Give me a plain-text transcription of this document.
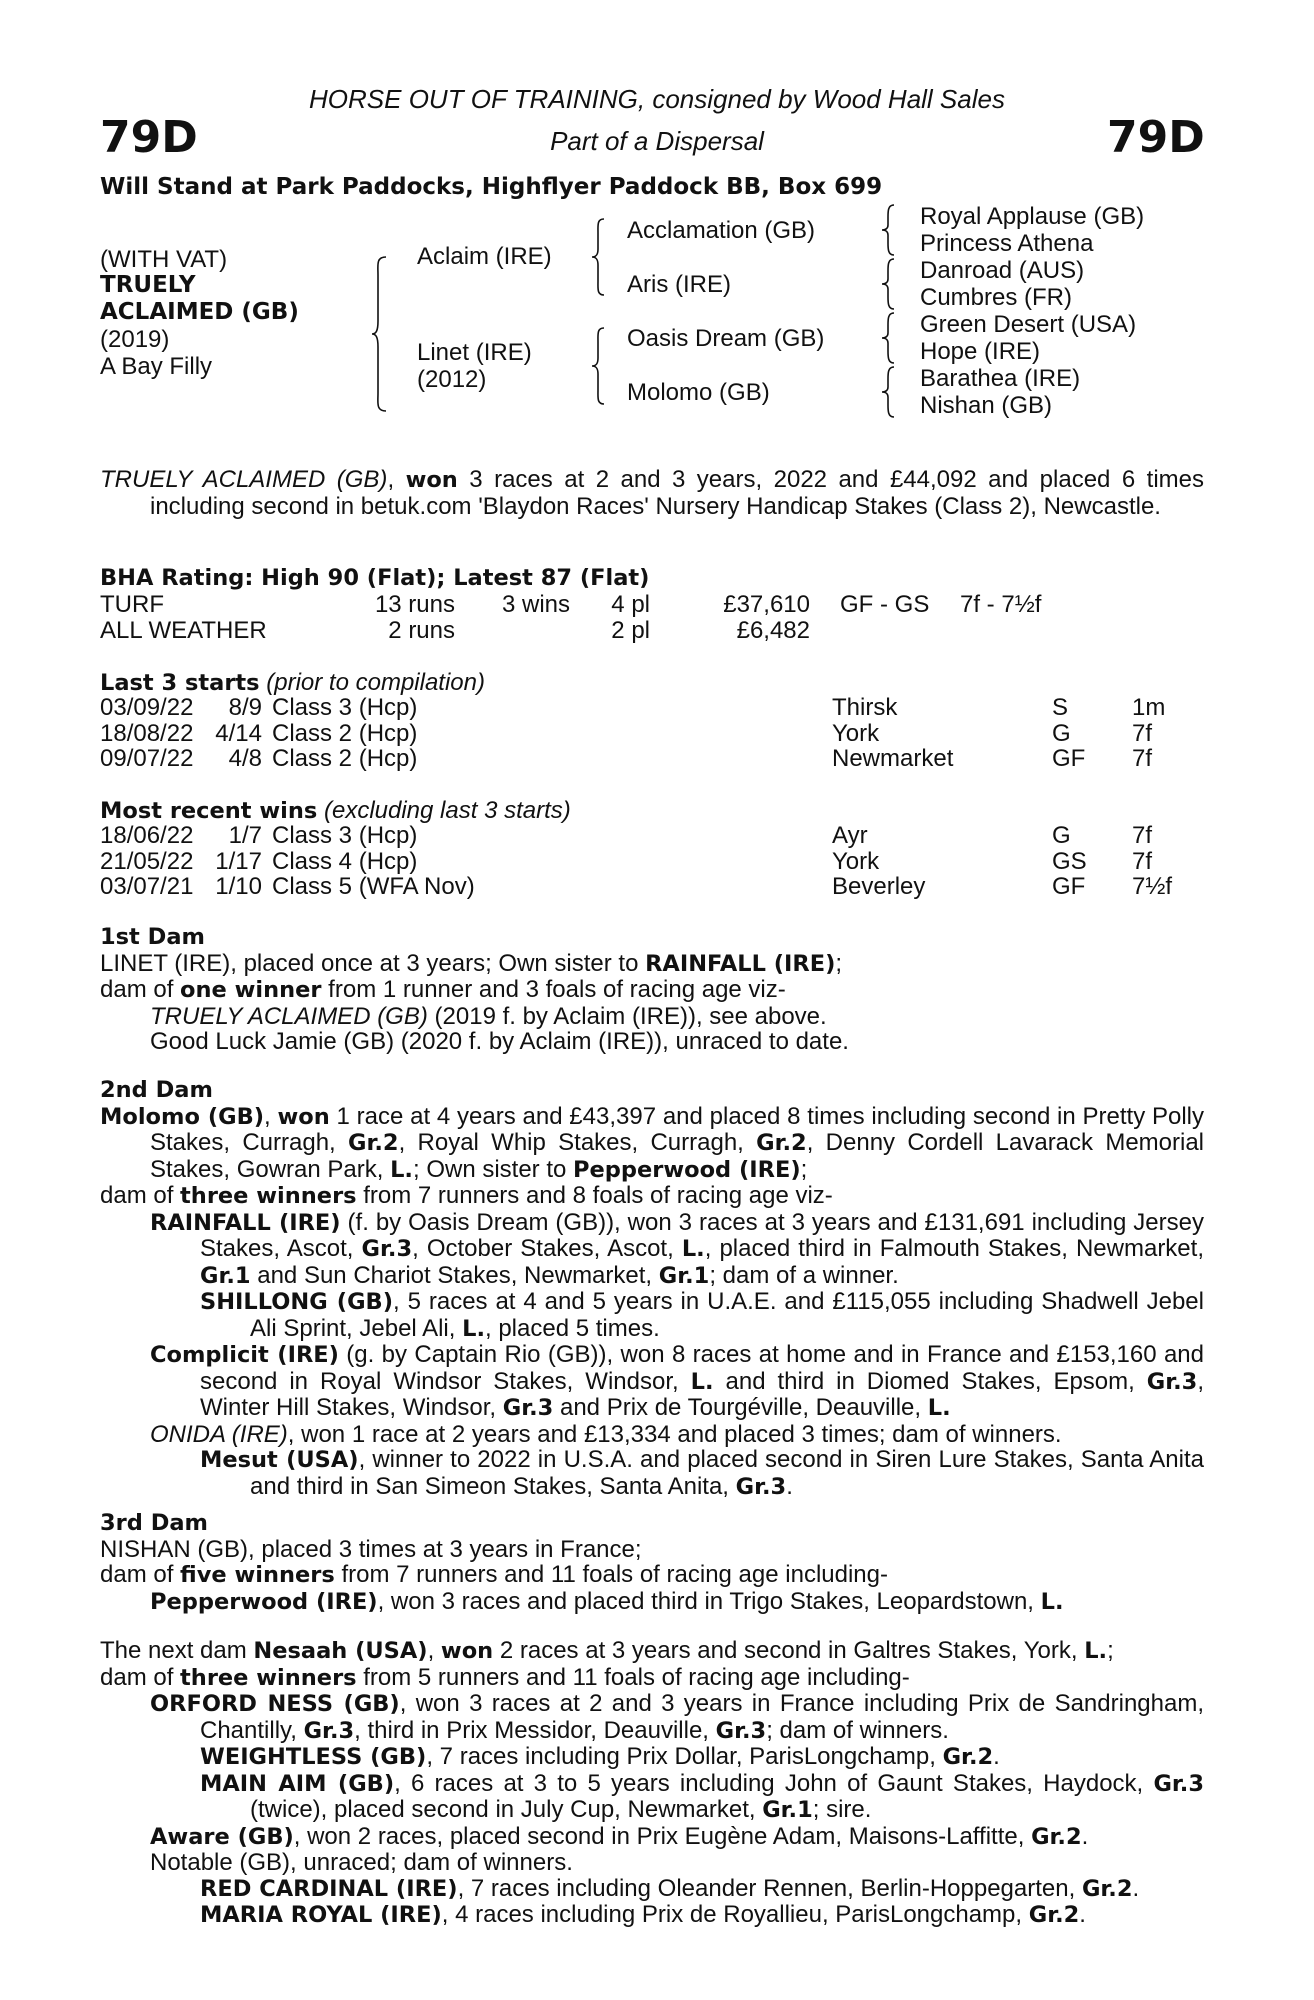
HORSE OUT OF TRAINING, consigned by Wood Hall Sales
Part of a Dispersal
79D	79D
Will Stand at Park Paddocks, Highflyer Paddock BB, Box 699
(WITH VAT)
TRUELY
ACLAIMED (GB)
(2019)
A Bay Filly
Aclaim (IRE)
Linet (IRE)
(2012)
Acclamation (GB)
Aris (IRE)
Oasis Dream (GB)
Molomo (GB)
Royal Applause (GB)
Princess Athena
Danroad (AUS)
Cumbres (FR)
Green Desert (USA)
Hope (IRE)
Barathea (IRE)
Nishan (GB)

TRUELY ACLAIMED (GB), won 3 races at 2 and 3 years, 2022 and £44,092 and placed 6 times including second in betuk.com 'Blaydon Races' Nursery Handicap Stakes (Class 2), Newcastle.

BHA Rating: High 90 (Flat); Latest 87 (Flat)
TURF	13 runs	3 wins	4 pl	£37,610	GF - GS	7f - 7½f
ALL WEATHER	2 runs		2 pl	£6,482		
Last 3 starts (prior to compilation)
03/09/22	8/9	Class 3 (Hcp)	Thirsk	S	1m
18/08/22	4/14	Class 2 (Hcp)	York	G	7f
09/07/22	4/8	Class 2 (Hcp)	Newmarket	GF	7f
Most recent wins (excluding last 3 starts)
18/06/22	1/7	Class 3 (Hcp)	Ayr	G	7f
21/05/22	1/17	Class 4 (Hcp)	York	GS	7f
03/07/21	1/10	Class 5 (WFA Nov)	Beverley	GF	7½f
1st Dam

LINET (IRE), placed once at 3 years; Own sister to RAINFALL (IRE);

dam of one winner from 1 runner and 3 foals of racing age viz-

TRUELY ACLAIMED (GB) (2019 f. by Aclaim (IRE)), see above.

Good Luck Jamie (GB) (2020 f. by Aclaim (IRE)), unraced to date.

2nd Dam

Molomo (GB), won 1 race at 4 years and £43,397 and placed 8 times including second in Pretty Polly Stakes, Curragh, Gr.2, Royal Whip Stakes, Curragh, Gr.2, Denny Cordell Lavarack Memorial Stakes, Gowran Park, L.; Own sister to Pepperwood (IRE);

dam of three winners from 7 runners and 8 foals of racing age viz-

RAINFALL (IRE) (f. by Oasis Dream (GB)), won 3 races at 3 years and £131,691 including Jersey Stakes, Ascot, Gr.3, October Stakes, Ascot, L., placed third in Falmouth Stakes, Newmarket, Gr.1 and Sun Chariot Stakes, Newmarket, Gr.1; dam of a winner.

SHILLONG (GB), 5 races at 4 and 5 years in U.A.E. and £115,055 including Shadwell Jebel Ali Sprint, Jebel Ali, L., placed 5 times.

Complicit (IRE) (g. by Captain Rio (GB)), won 8 races at home and in France and £153,160 and second in Royal Windsor Stakes, Windsor, L. and third in Diomed Stakes, Epsom, Gr.3, Winter Hill Stakes, Windsor, Gr.3 and Prix de Tourgéville, Deauville, L.

ONIDA (IRE), won 1 race at 2 years and £13,334 and placed 3 times; dam of winners.

Mesut (USA), winner to 2022 in U.S.A. and placed second in Siren Lure Stakes, Santa Anita and third in San Simeon Stakes, Santa Anita, Gr.3.

3rd Dam

NISHAN (GB), placed 3 times at 3 years in France;

dam of five winners from 7 runners and 11 foals of racing age including-

Pepperwood (IRE), won 3 races and placed third in Trigo Stakes, Leopardstown, L.

The next dam Nesaah (USA), won 2 races at 3 years and second in Galtres Stakes, York, L.;

dam of three winners from 5 runners and 11 foals of racing age including-

ORFORD NESS (GB), won 3 races at 2 and 3 years in France including Prix de Sandringham, Chantilly, Gr.3, third in Prix Messidor, Deauville, Gr.3; dam of winners.

WEIGHTLESS (GB), 7 races including Prix Dollar, ParisLongchamp, Gr.2.

MAIN AIM (GB), 6 races at 3 to 5 years including John of Gaunt Stakes, Haydock, Gr.3 (twice), placed second in July Cup, Newmarket, Gr.1; sire.

Aware (GB), won 2 races, placed second in Prix Eugène Adam, Maisons-Laffitte, Gr.2.

Notable (GB), unraced; dam of winners.

RED CARDINAL (IRE), 7 races including Oleander Rennen, Berlin-Hoppegarten, Gr.2.

MARIA ROYAL (IRE), 4 races including Prix de Royallieu, ParisLongchamp, Gr.2.
